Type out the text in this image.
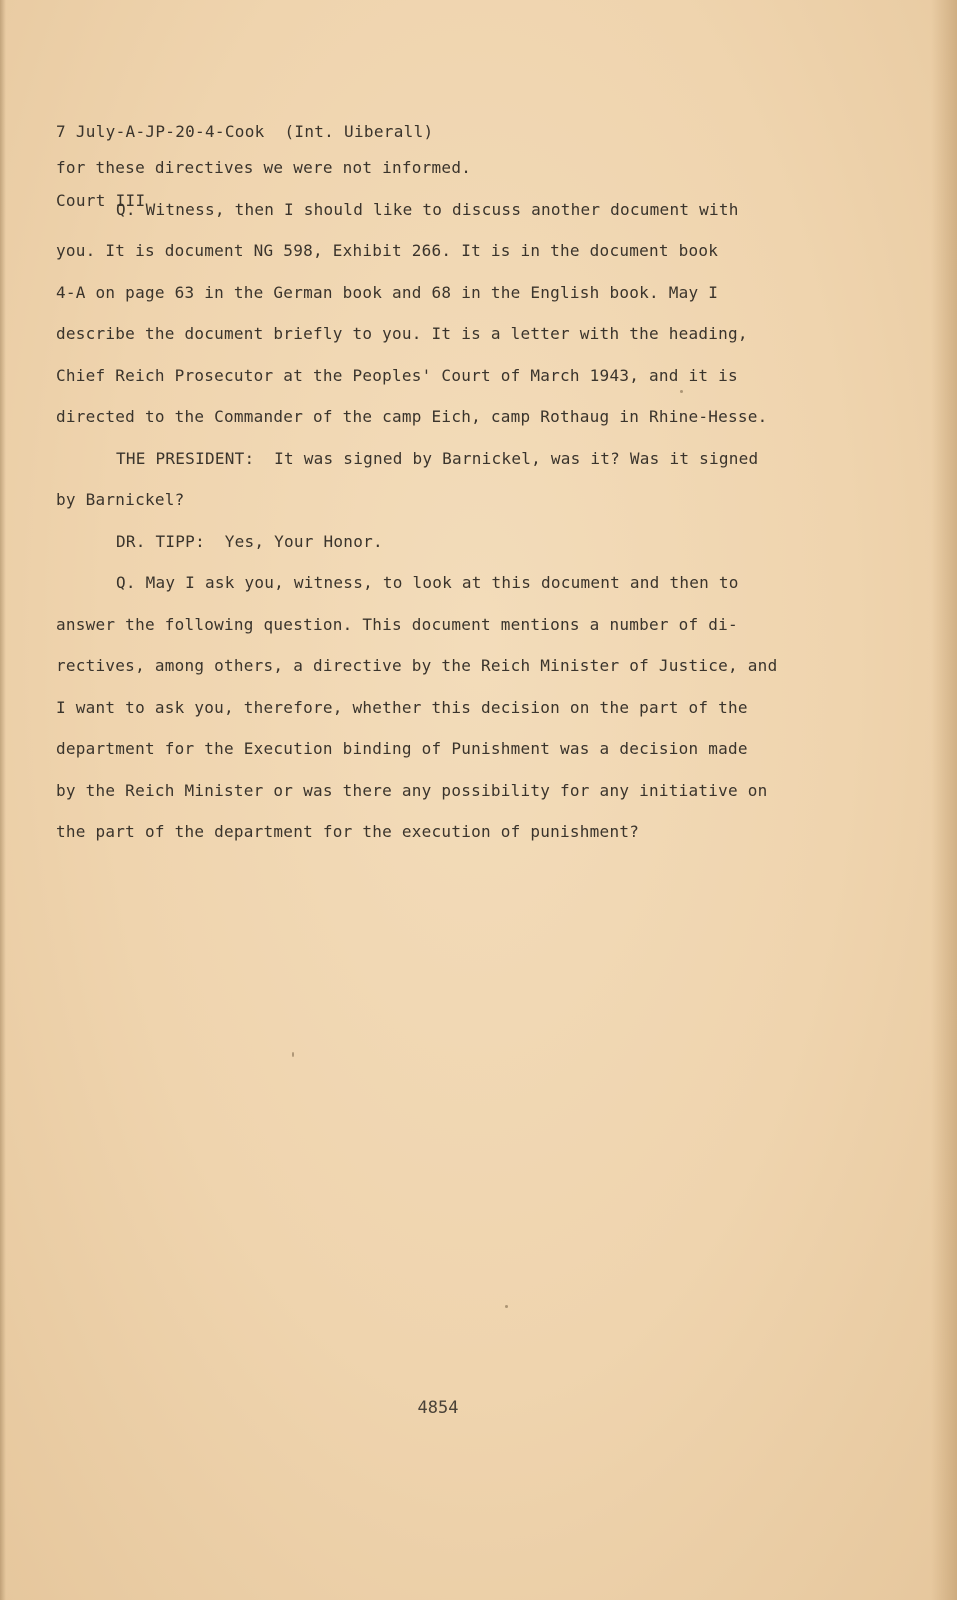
7 July-A-JP-20-4-Cook  (Int. Uiberall)

Court III

for these directives we were not informed.
Q. Witness, then I should like to discuss another document with
you. It is document NG 598, Exhibit 266. It is in the document book
4-A on page 63 in the German book and 68 in the English book. May I
describe the document briefly to you. It is a letter with the heading,
Chief Reich Prosecutor at the Peoples' Court of March 1943, and it is
directed to the Commander of the camp Eich, camp Rothaug in Rhine-Hesse.
THE PRESIDENT:  It was signed by Barnickel, was it? Was it signed
by Barnickel?
DR. TIPP:  Yes, Your Honor.
Q. May I ask you, witness, to look at this document and then to
answer the following question. This document mentions a number of di-
rectives, among others, a directive by the Reich Minister of Justice, and
I want to ask you, therefore, whether this decision on the part of the
department for the Execution binding of Punishment was a decision made
by the Reich Minister or was there any possibility for any initiative on
the part of the department for the execution of punishment?
4854
